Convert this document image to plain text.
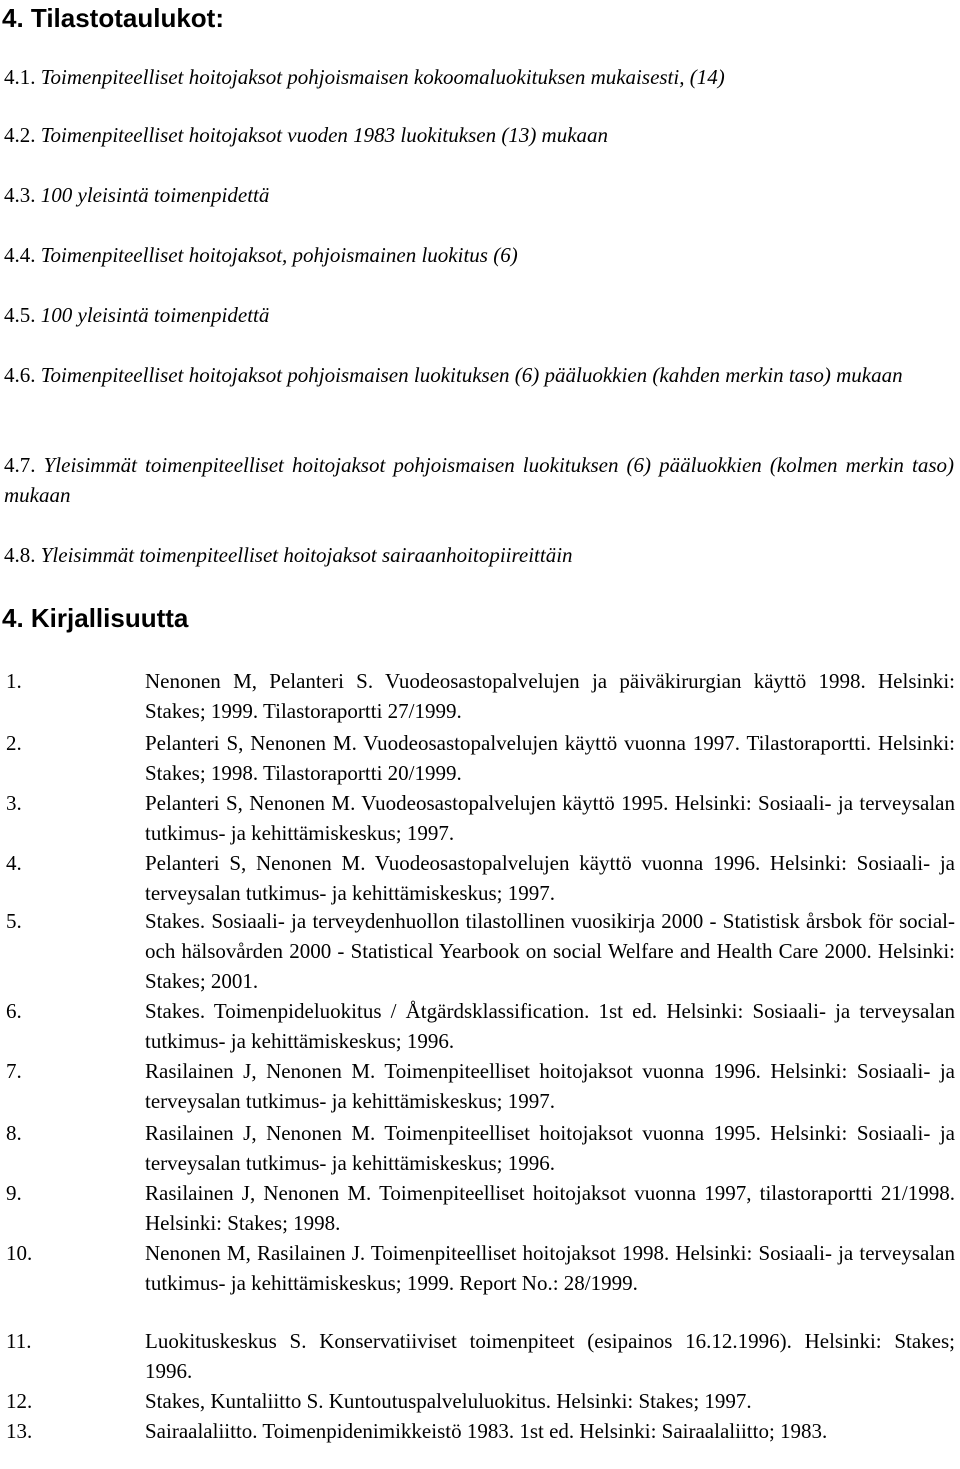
4. Tilastotaulukot:

4.1. Toimenpiteelliset hoitojaksot pohjoismaisen kokoomaluokituksen mukaisesti, (14)

4.2. Toimenpiteelliset hoitojaksot vuoden 1983 luokituksen (13) mukaan

4.3. 100 yleisintä toimenpidettä

4.4. Toimenpiteelliset hoitojaksot, pohjoismainen luokitus (6)

4.5. 100 yleisintä toimenpidettä

4.6. Toimenpiteelliset hoitojaksot pohjoismaisen luokituksen (6) pääluokkien (kahden merkin taso) mukaan

4.7. Yleisimmät toimenpiteelliset hoitojaksot pohjoismaisen luokituksen (6) pääluokkien (kolmen merkin taso) mukaan

4.8. Yleisimmät toimenpiteelliset hoitojaksot sairaanhoitopiireittäin

4. Kirjallisuutta
1.	Nenonen M, Pelanteri S. Vuodeosastopalvelujen ja päiväkirurgian käyttö 1998. Helsinki: Stakes; 1999. Tilastoraportti 27/1999.
2.	Pelanteri S, Nenonen M. Vuodeosastopalvelujen käyttö vuonna 1997. Tilastoraportti. Helsinki: Stakes; 1998. Tilastoraportti 20/1999.
3.	Pelanteri S, Nenonen M. Vuodeosastopalvelujen käyttö 1995. Helsinki: Sosiaali- ja terveysalan tutkimus- ja kehittämiskeskus; 1997.
4.	Pelanteri S, Nenonen M. Vuodeosastopalvelujen käyttö vuonna 1996. Helsinki: Sosiaali- ja terveysalan tutkimus- ja kehittämiskeskus; 1997.
5.	Stakes. Sosiaali- ja terveydenhuollon tilastollinen vuosikirja 2000 - Statistisk årsbok för social- och hälsovården 2000 - Statistical Yearbook on social Welfare and Health Care 2000. Helsinki: Stakes; 2001.
6.	Stakes. Toimenpideluokitus / Åtgärdsklassification. 1st ed. Helsinki: Sosiaali- ja terveysalan tutkimus- ja kehittämiskeskus; 1996.
7.	Rasilainen J, Nenonen M. Toimenpiteelliset hoitojaksot vuonna 1996. Helsinki: Sosiaali- ja terveysalan tutkimus- ja kehittämiskeskus; 1997.
8.	Rasilainen J, Nenonen M. Toimenpiteelliset hoitojaksot vuonna 1995. Helsinki: Sosiaali- ja terveysalan tutkimus- ja kehittämiskeskus; 1996.
9.	Rasilainen J, Nenonen M. Toimenpiteelliset hoitojaksot vuonna 1997, tilastoraportti 21/1998. Helsinki: Stakes; 1998.
10.	Nenonen M, Rasilainen J. Toimenpiteelliset hoitojaksot 1998. Helsinki: Sosiaali- ja terveysalan tutkimus- ja kehittämiskeskus; 1999. Report No.: 28/1999.
11.	Luokituskeskus S. Konservatiiviset toimenpiteet (esipainos 16.12.1996). Helsinki: Stakes; 1996.
12.	Stakes, Kuntaliitto S. Kuntoutuspalveluluokitus. Helsinki: Stakes; 1997.
13.	Sairaalaliitto. Toimenpidenimikkeistö 1983. 1st ed. Helsinki: Sairaalaliitto; 1983.
